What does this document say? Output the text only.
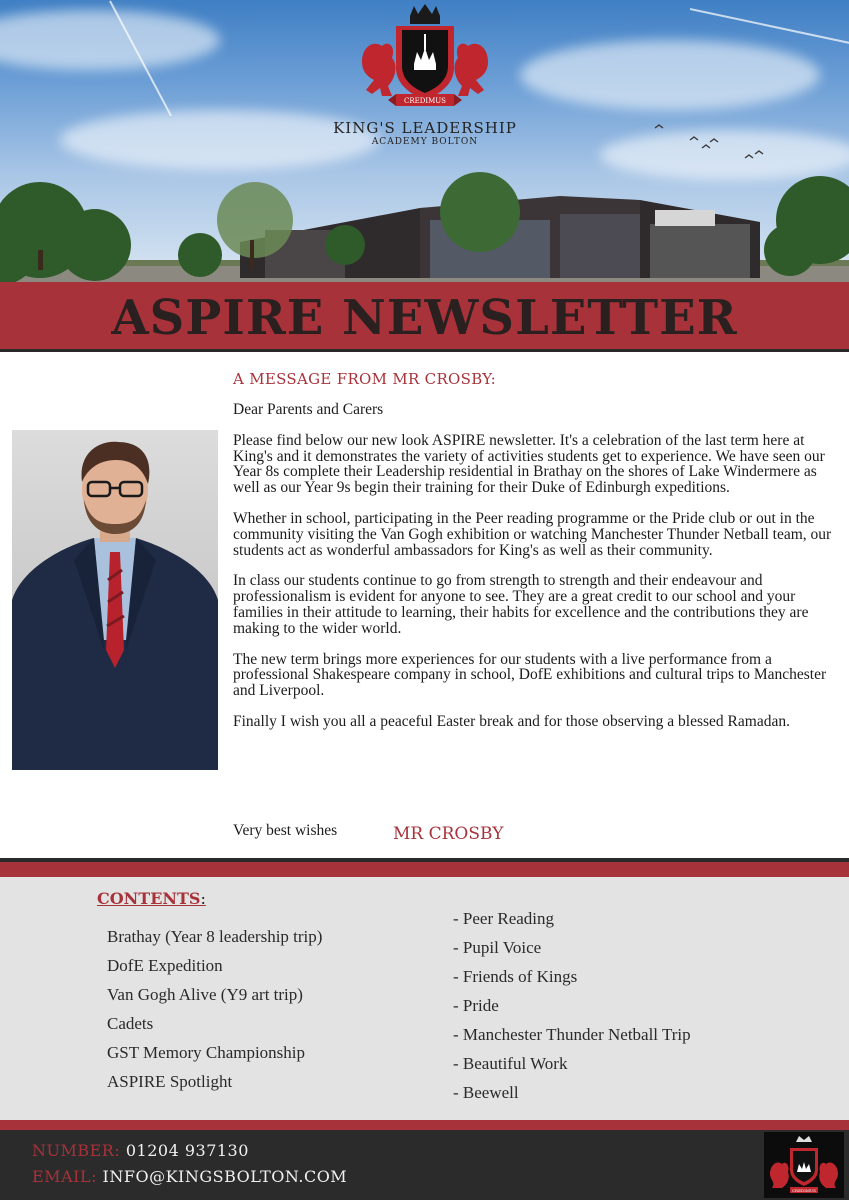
CREDIMUS
KING'S LEADERSHIP
ACADEMY BOLTON
ASPIRE NEWSLETTER
A MESSAGE FROM MR CROSBY:

Dear Parents and Carers

Please find below our new look ASPIRE newsletter. It's a celebration of the last term here at King's and it demonstrates the variety of activities students get to experience. We have seen our Year 8s complete their Leadership residential in Brathay on the shores of Lake Windermere as well as our Year 9s begin their training for their Duke of Edinburgh expeditions.

Whether in school, participating in the Peer reading programme or the Pride club or out in the community visiting the Van Gogh exhibition or watching Manchester Thunder Netball team, our students act as wonderful ambassadors for King's as well as their community.

In class our students continue to go from strength to strength and their endeavour and professionalism is evident for anyone to see. They are a great credit to our school and your families in their attitude to learning, their habits for excellence and the contributions they are making to the wider world.

The new term brings more experiences for our students with a live performance from a professional Shakespeare company in school, DofE exhibitions and cultural trips to Manchester and Liverpool.

Finally I wish you all a peaceful Easter break and for those observing a blessed Ramadan.

Very best wishes	MR CROSBY
CONTENTS:
Brathay (Year 8 leadership trip)
DofE Expedition
Van Gogh Alive (Y9 art trip)
Cadets
GST Memory Championship
ASPIRE Spotlight
- Peer Reading
- Pupil Voice
- Friends of Kings
- Pride
- Manchester Thunder Netball Trip
- Beautiful Work
- Beewell
NUMBER: 01204 937130
EMAIL: INFO@KINGSBOLTON.COM
CREDIMUS
